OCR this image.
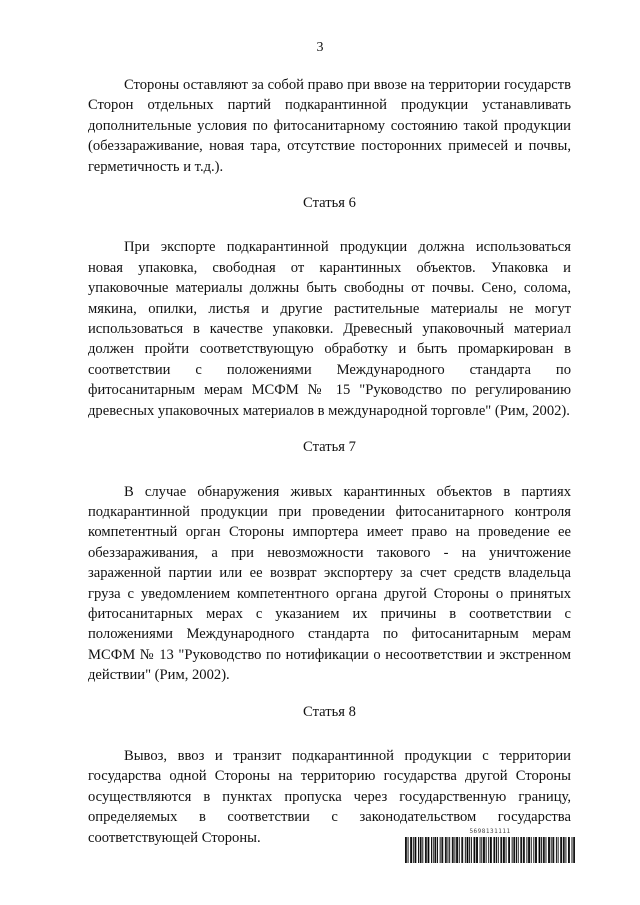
3

Стороны оставляют за собой право при ввозе на территории государств Сторон отдельных партий подкарантинной продукции устанавливать дополнительные условия по фитосанитарному состоянию такой продукции (обеззараживание, новая тара, отсутствие посторонних примесей и почвы, герметичность и т.д.).

Статья 6

При экспорте подкарантинной продукции должна использоваться новая упаковка, свободная от карантинных объектов. Упаковка и упаковочные материалы должны быть свободны от почвы. Сено, солома, мякина, опилки, листья и другие растительные материалы не могут использоваться в качестве упаковки. Древесный упаковочный материал должен пройти соответствующую обработку и быть промаркирован в соответствии с положениями Международного стандарта по фитосанитарным мерам МСФМ № 15 "Руководство по регулированию древесных упаковочных материалов в международной торговле" (Рим, 2002).

Статья 7

В случае обнаружения живых карантинных объектов в партиях подкарантинной продукции при проведении фитосанитарного контроля компетентный орган Стороны импортера имеет право на проведение ее обеззараживания, а при невозможности такового - на уничтожение зараженной партии или ее возврат экспортеру за счет средств владельца груза с уведомлением компетентного органа другой Стороны о принятых фитосанитарных мерах с указанием их причины в соответствии с положениями Международного стандарта по фитосанитарным мерам МСФМ № 13 "Руководство по нотификации о несоответствии и экстренном действии" (Рим, 2002).

Статья 8

Вывоз, ввоз и транзит подкарантинной продукции с территории государства одной Стороны на территорию государства другой Стороны осуществляются в пунктах пропуска через государственную границу, определяемых в соответствии с законодательством государства соответствующей Стороны.	5698131111
